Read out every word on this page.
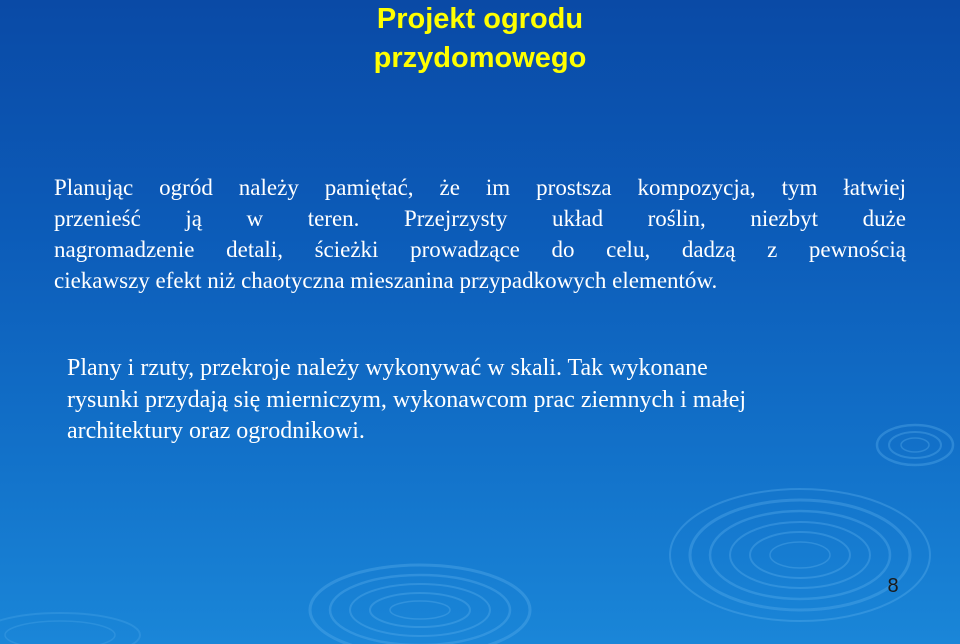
Projekt ogrodu
przydomowego
Planując ogród należy pamiętać, że im prostsza kompozycja, tym łatwiej
przenieść ją w teren. Przejrzysty układ roślin, niezbyt duże
nagromadzenie detali, ścieżki prowadzące do celu, dadzą z pewnością
ciekawszy efekt niż chaotyczna mieszanina przypadkowych elementów.
Plany i rzuty, przekroje należy wykonywać w skali. Tak wykonane
rysunki przydają się mierniczym, wykonawcom prac ziemnych i małej
architektury oraz ogrodnikowi.
8
